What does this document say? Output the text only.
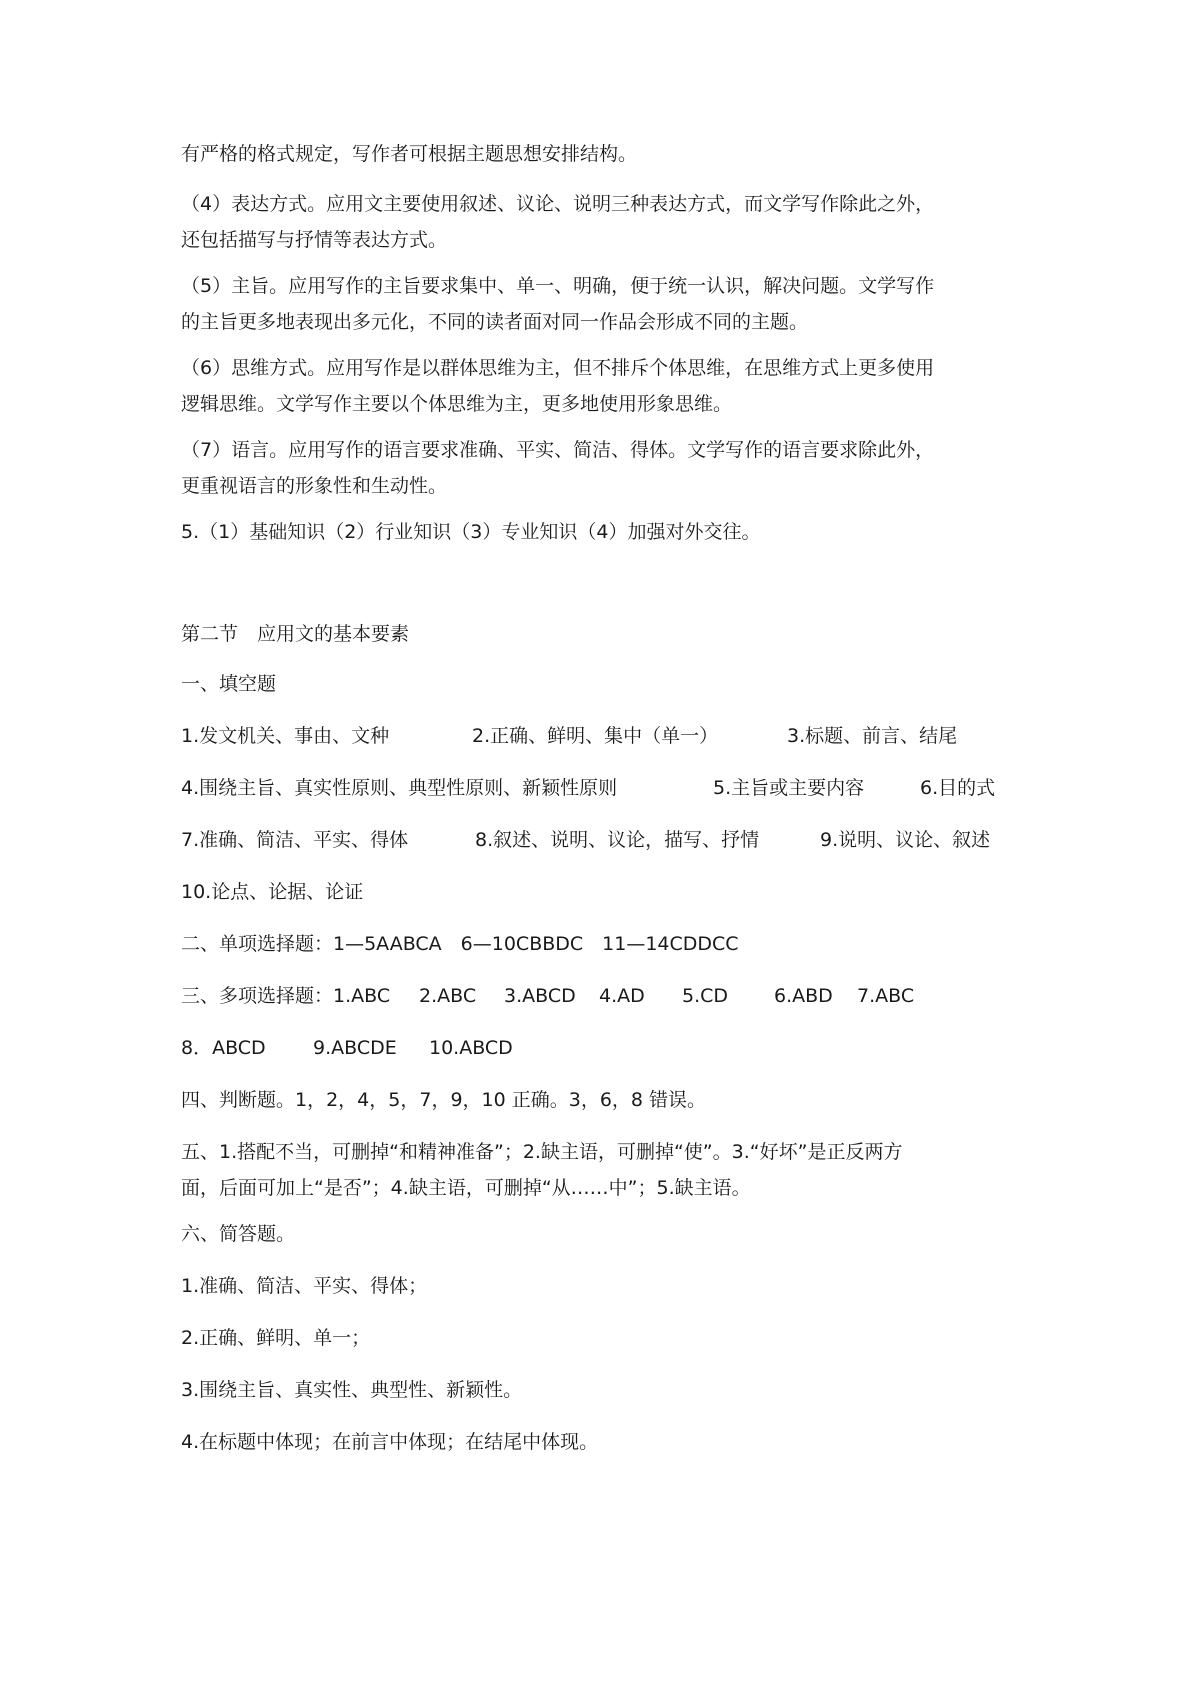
有严格的格式规定，写作者可根据主题思想安排结构。
（4）表达方式。应用文主要使用叙述、议论、说明三种表达方式，而文学写作除此之外，
还包括描写与抒情等表达方式。
（5）主旨。应用写作的主旨要求集中、单一、明确，便于统一认识，解决问题。文学写作
的主旨更多地表现出多元化，不同的读者面对同一作品会形成不同的主题。
（6）思维方式。应用写作是以群体思维为主，但不排斥个体思维，在思维方式上更多使用
逻辑思维。文学写作主要以个体思维为主，更多地使用形象思维。
（7）语言。应用写作的语言要求准确、平实、简洁、得体。文学写作的语言要求除此外，
更重视语言的形象性和生动性。
5.（1）基础知识（2）行业知识（3）专业知识（4）加强对外交往。
第二节　应用文的基本要素
一、填空题
1.发文机关、事由、文种	2.正确、鲜明、集中（单一）	3.标题、前言、结尾
4.围绕主旨、真实性原则、典型性原则、新颖性原则	5.主旨或主要内容	6.目的式
7.准确、简洁、平实、得体	8.叙述、说明、议论，描写、抒情	9.说明、议论、叙述
10.论点、论据、论证
二、单项选择题：1—5AABCA　6—10CBBDC　11—14CDDCC
三、多项选择题：1.ABC	2.ABC	3.ABCD	4.AD	5.CD	6.ABD	7.ABC
8．ABCD	9.ABCDE	10.ABCD
四、判断题。1，2，4，5，7，9，10 正确。3，6，8 错误。
五、1.搭配不当，可删掉“和精神准备”；2.缺主语，可删掉“使”。3.“好坏”是正反两方
面，后面可加上“是否”；4.缺主语，可删掉“从……中”；5.缺主语。
六、简答题。
1.准确、简洁、平实、得体；
2.正确、鲜明、单一；
3.围绕主旨、真实性、典型性、新颖性。
4.在标题中体现；在前言中体现；在结尾中体现。
